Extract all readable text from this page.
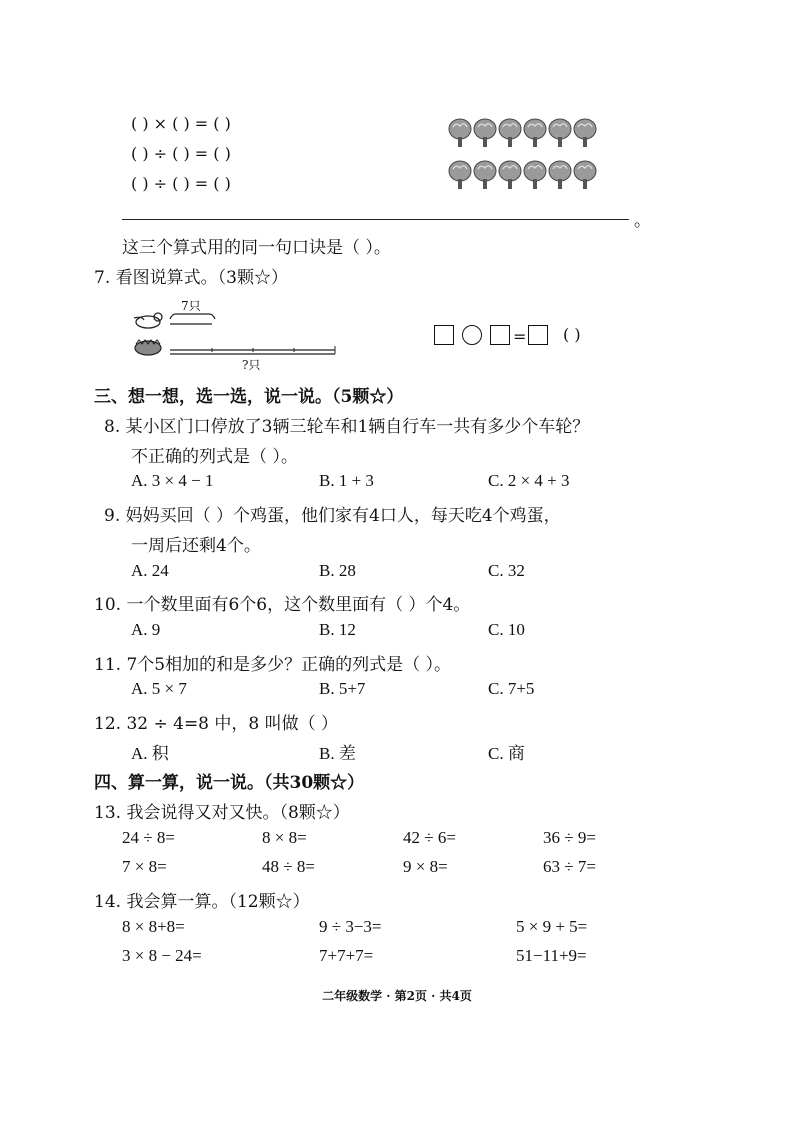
( ) × ( ) = ( )
( ) ÷ ( ) = ( )
( ) ÷ ( ) = ( )
。
这三个算式用的同一句口诀是（ ）。
7. 看图说算式。（3颗☆）
7只
?只
= ( )
三、想一想，选一选，说一说。（5颗☆）
8. 某小区门口停放了3辆三轮车和1辆自行车一共有多少个车轮？
不正确的列式是（ ）。
A. 3 × 4 − 1	B. 1 + 3	C. 2 × 4 + 3
9. 妈妈买回（ ）个鸡蛋，他们家有4口人，每天吃4个鸡蛋，
一周后还剩4个。
A. 24	B. 28	C. 32
10. 一个数里面有6个6，这个数里面有（ ）个4。
A. 9	B. 12	C. 10
11. 7个5相加的和是多少？正确的列式是（ ）。
A. 5 × 7	B. 5+7	C. 7+5
12. 32 ÷ 4=8 中，8 叫做（ ）
A. 积	B. 差	C. 商
四、算一算，说一说。（共30颗☆）
13. 我会说得又对又快。（8颗☆）
24 ÷ 8=	8 × 8=	42 ÷ 6=	36 ÷ 9=
7 × 8=	48 ÷ 8=	9 × 8=	63 ÷ 7=
14. 我会算一算。（12颗☆）
8 × 8+8=	9 ÷ 3−3=	5 × 9 + 5=
3 × 8 − 24=	7+7+7=	51−11+9=
二年级数学 · 第2页 · 共4页
